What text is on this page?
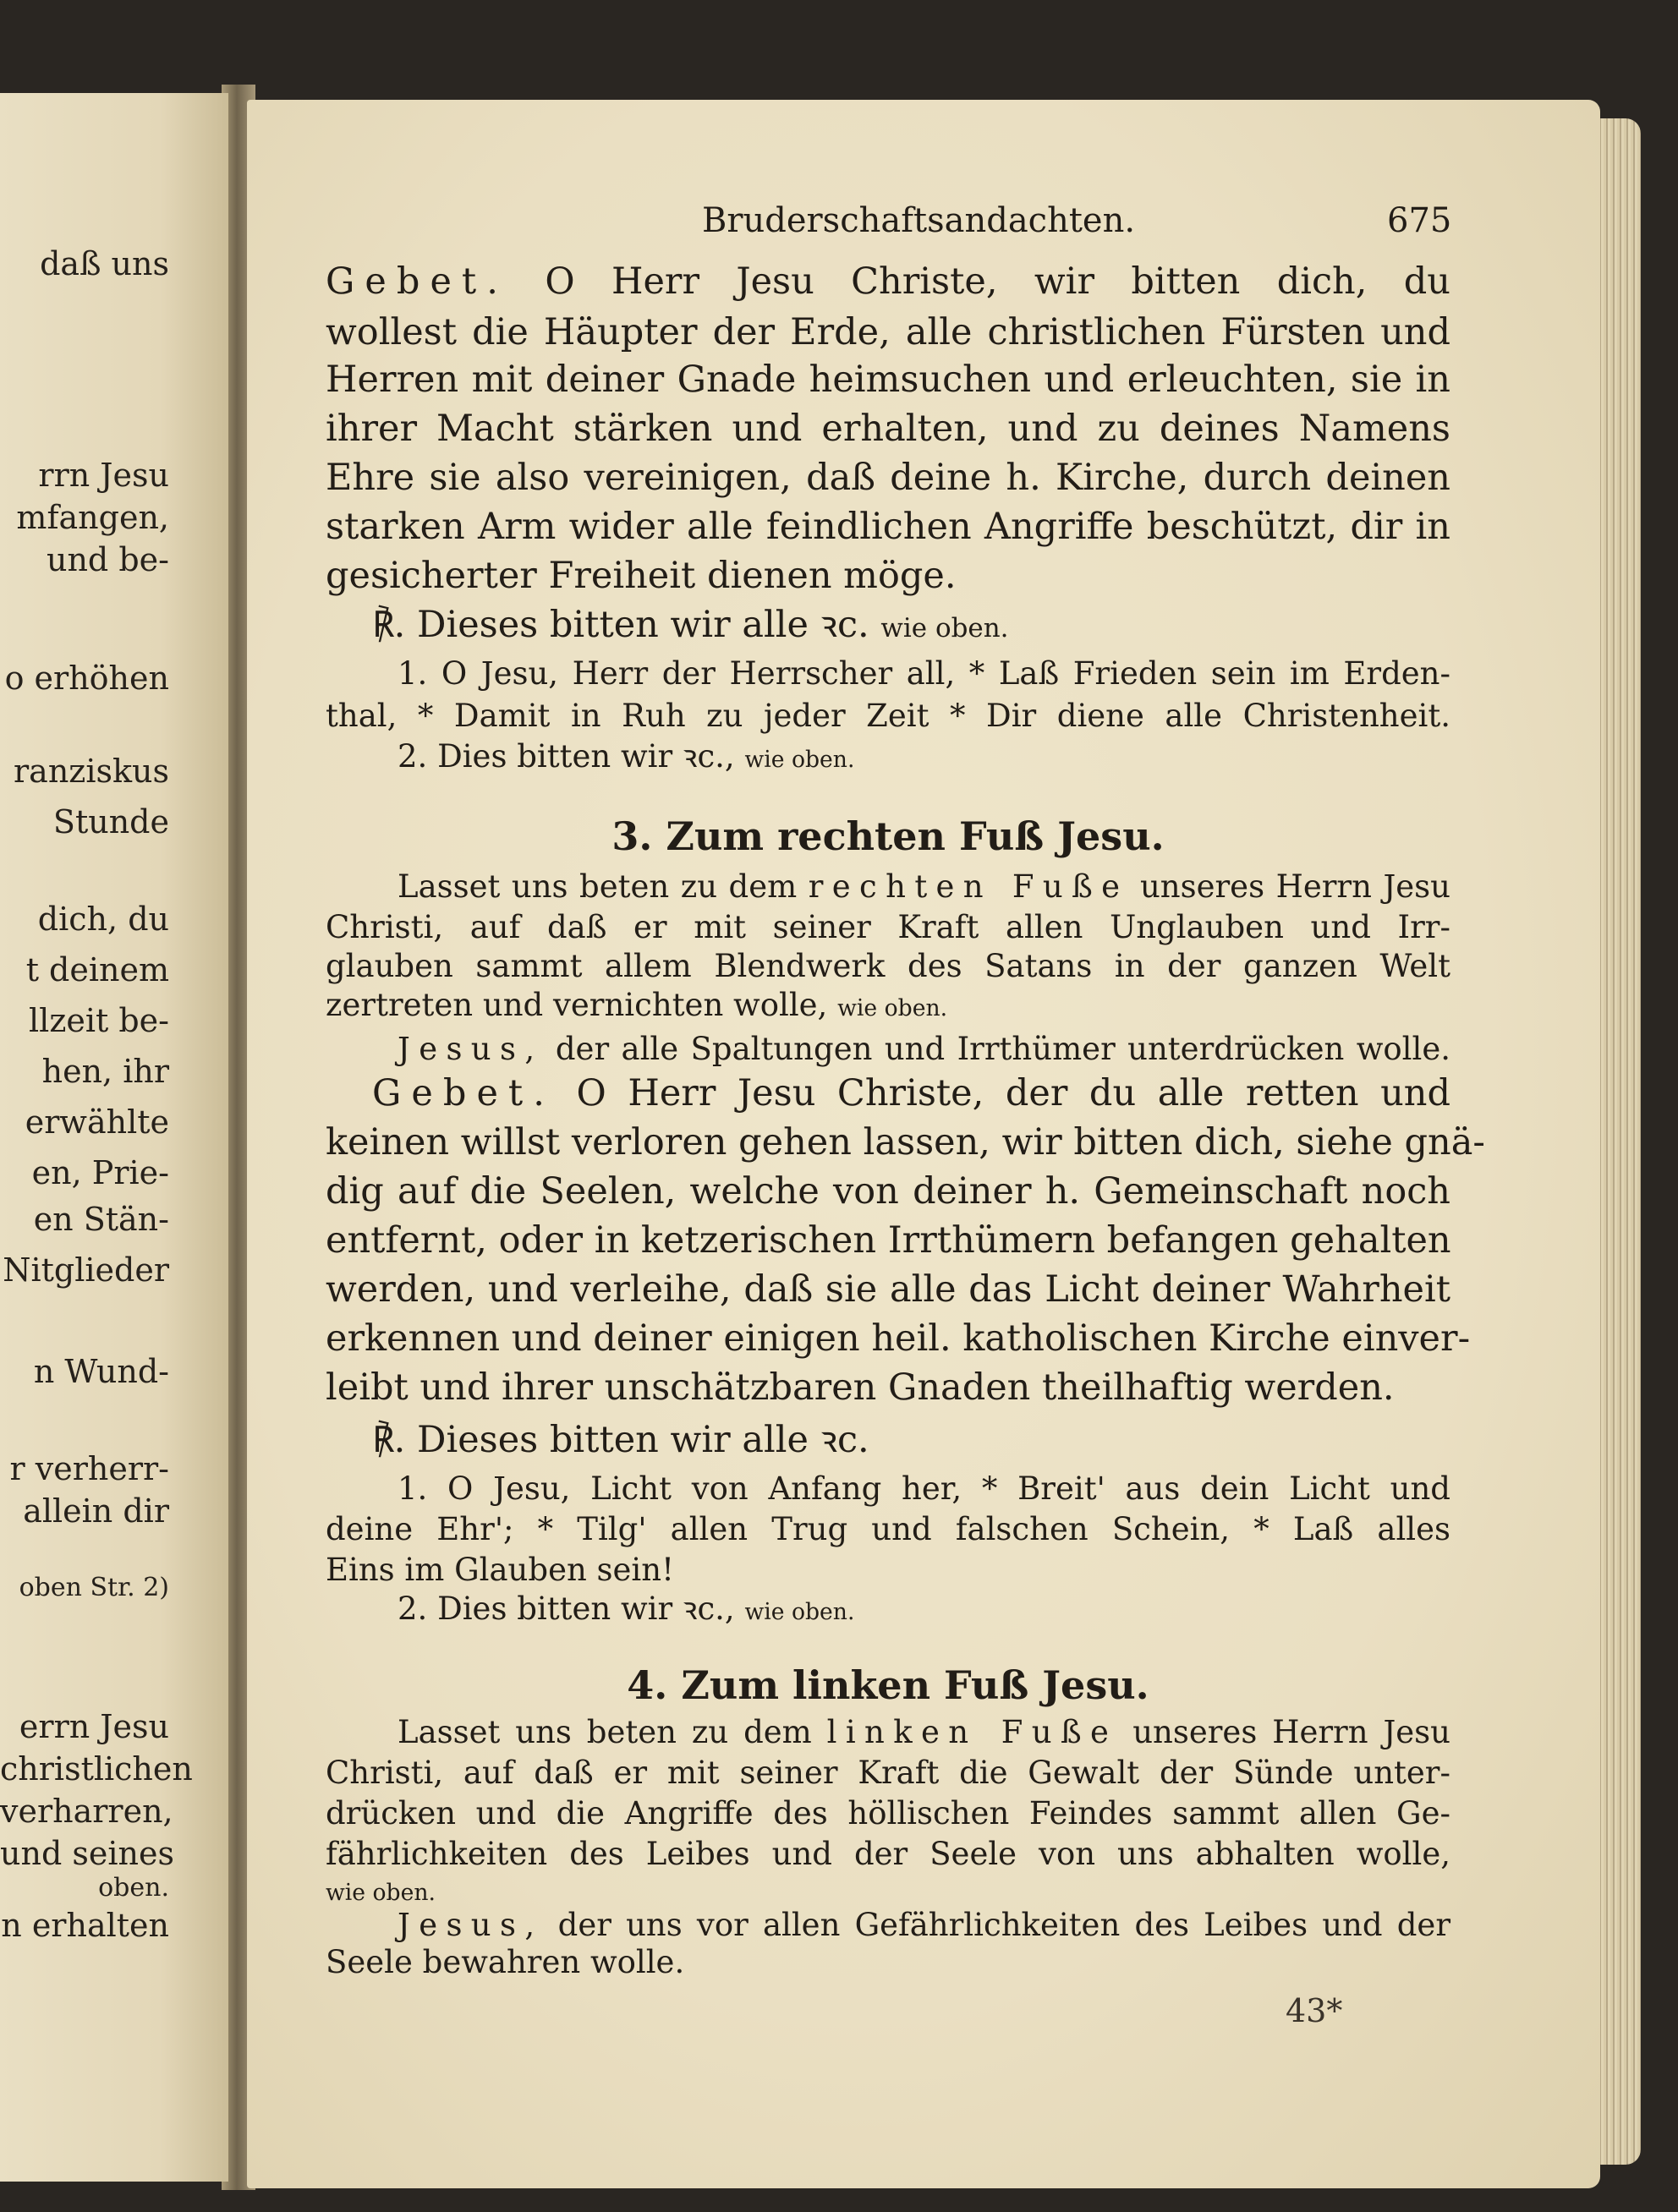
daß uns
rrn Jesu
mfangen,
und be-
o erhöhen
ranziskus
Stunde
dich, du
t deinem
llzeit be-
hen, ihr
erwählte
en, Prie-
en Stän-
Nitglieder
n Wund-
r verherr-
allein dir
oben Str. 2)
errn Jesu
christlichen
verharren,
und seines
oben.
n erhalten
Bruderschaftsandachten.	675
Gebet. O Herr Jesu Christe, wir bitten dich, du
wollest die Häupter der Erde, alle christlichen Fürsten und
Herren mit deiner Gnade heimsuchen und erleuchten, sie in
ihrer Macht stärken und erhalten, und zu deines Namens
Ehre sie also vereinigen, daß deine h. Kirche, durch deinen
starken Arm wider alle feindlichen Angriffe beschützt, dir in
gesicherter Freiheit dienen möge.
℟. Dieses bitten wir alle ꝛc. wie oben.
1. O Jesu, Herr der Herrscher all, * Laß Frieden sein im Erden-
thal, * Damit in Ruh zu jeder Zeit * Dir diene alle Christenheit.
2. Dies bitten wir ꝛc., wie oben.
3. Zum rechten Fuß Jesu.
Lasset uns beten zu dem rechten Fuße unseres Herrn Jesu
Christi, auf daß er mit seiner Kraft allen Unglauben und Irr-
glauben sammt allem Blendwerk des Satans in der ganzen Welt
zertreten und vernichten wolle, wie oben.
Jesus, der alle Spaltungen und Irrthümer unterdrücken wolle.
Gebet. O Herr Jesu Christe, der du alle retten und
keinen willst verloren gehen lassen, wir bitten dich, siehe gnä-
dig auf die Seelen, welche von deiner h. Gemeinschaft noch
entfernt, oder in ketzerischen Irrthümern befangen gehalten
werden, und verleihe, daß sie alle das Licht deiner Wahrheit
erkennen und deiner einigen heil. katholischen Kirche einver-
leibt und ihrer unschätzbaren Gnaden theilhaftig werden.
℟. Dieses bitten wir alle ꝛc.
1. O Jesu, Licht von Anfang her, * Breit' aus dein Licht und
deine Ehr'; * Tilg' allen Trug und falschen Schein, * Laß alles
Eins im Glauben sein!
2. Dies bitten wir ꝛc., wie oben.
4. Zum linken Fuß Jesu.
Lasset uns beten zu dem linken Fuße unseres Herrn Jesu
Christi, auf daß er mit seiner Kraft die Gewalt der Sünde unter-
drücken und die Angriffe des höllischen Feindes sammt allen Ge-
fährlichkeiten des Leibes und der Seele von uns abhalten wolle,
wie oben.
Jesus, der uns vor allen Gefährlichkeiten des Leibes und der
Seele bewahren wolle.
43*
